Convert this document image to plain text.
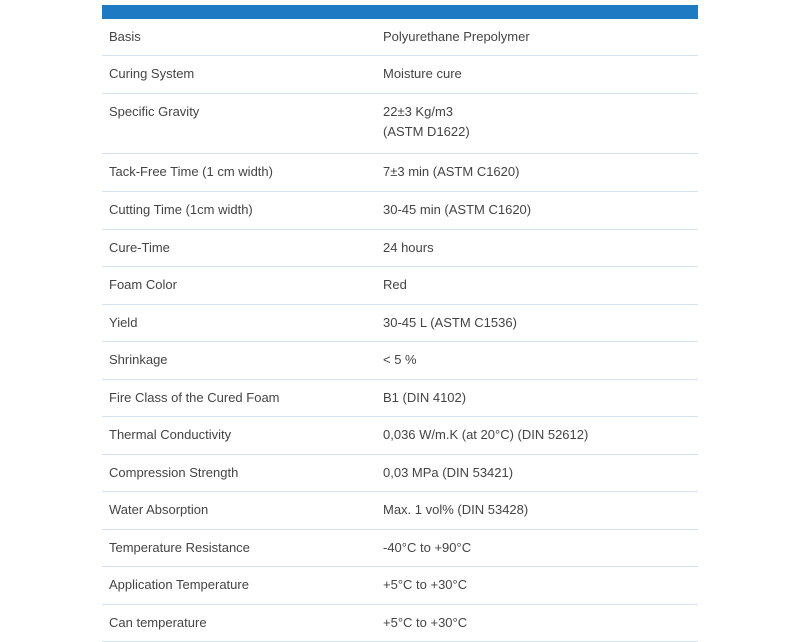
Basis	Polyurethane Prepolymer
Curing System	Moisture cure
Specific Gravity	22±3 Kg/m3
(ASTM D1622)
Tack-Free Time (1 cm width)	7±3 min (ASTM C1620)
Cutting Time (1cm width)	30-45 min (ASTM C1620)
Cure-Time	24 hours
Foam Color	Red
Yield	30-45 L (ASTM C1536)
Shrinkage	< 5 %
Fire Class of the Cured Foam	B1 (DIN 4102)
Thermal Conductivity	0,036 W/m.K (at 20°C) (DIN 52612)
Compression Strength	0,03 MPa (DIN 53421)
Water Absorption	Max. 1 vol% (DIN 53428)
Temperature Resistance	-40°C to +90°C
Application Temperature	+5°C to +30°C
Can temperature	+5°C to +30°C
